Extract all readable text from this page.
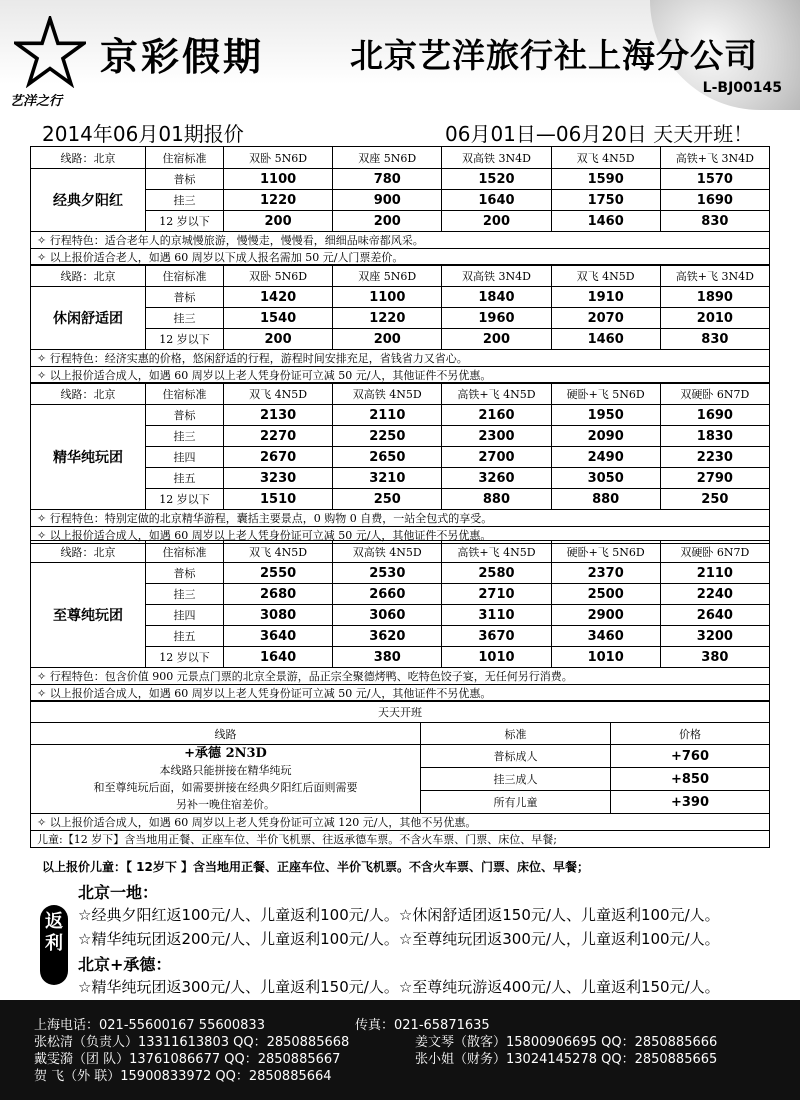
艺洋之行
京彩假期	北京艺洋旅行社上海分公司
L-BJ00145
2014年06月01期报价	06月01日—06月20日 天天开班！
线路：北京	住宿标准	双卧 5N6D	双座 5N6D	双高铁 3N4D	双飞 4N5D	高铁+飞 3N4D
经典夕阳红	普标	1100	780	1520	1590	1570
	挂三	1220	900	1640	1750	1690
	12 岁以下	200	200	200	1460	830
✧ 行程特色：适合老年人的京城慢旅游，慢慢走，慢慢看，细细品味帝都风采。						
✧ 以上报价适合老人，如遇 60 周岁以下成人报名需加 50 元/人门票差价。						
线路：北京	住宿标准	双卧 5N6D	双座 5N6D	双高铁 3N4D	双飞 4N5D	高铁+飞 3N4D
休闲舒适团	普标	1420	1100	1840	1910	1890
	挂三	1540	1220	1960	2070	2010
	12 岁以下	200	200	200	1460	830
✧ 行程特色：经济实惠的价格，悠闲舒适的行程，游程时间安排充足，省钱省力又省心。						
✧ 以上报价适合成人，如遇 60 周岁以上老人凭身份证可立减 50 元/人，其他证件不另优惠。						
线路：北京	住宿标准	双飞 4N5D	双高铁 4N5D	高铁+飞 4N5D	硬卧+飞 5N6D	双硬卧 6N7D
精华纯玩团	普标	2130	2110	2160	1950	1690
	挂三	2270	2250	2300	2090	1830
	挂四	2670	2650	2700	2490	2230
	挂五	3230	3210	3260	3050	2790
	12 岁以下	1510	250	880	880	250
✧ 行程特色：特别定做的北京精华游程，囊括主要景点，0 购物 0 自费，一站全包式的享受。						
✧ 以上报价适合成人，如遇 60 周岁以上老人凭身份证可立减 50 元/人，其他证件不另优惠。						
线路：北京	住宿标准	双飞 4N5D	双高铁 4N5D	高铁+飞 4N5D	硬卧+飞 5N6D	双硬卧 6N7D
至尊纯玩团	普标	2550	2530	2580	2370	2110
	挂三	2680	2660	2710	2500	2240
	挂四	3080	3060	3110	2900	2640
	挂五	3640	3620	3670	3460	3200
	12 岁以下	1640	380	1010	1010	380
✧ 行程特色：包含价值 900 元景点门票的北京全景游，品正宗全聚德烤鸭、吃特色饺子宴，无任何另行消费。						
✧ 以上报价适合成人，如遇 60 周岁以上老人凭身份证可立减 50 元/人，其他证件不另优惠。						
天天开班		
线路	标准	价格

+承德 2N3D
本线路只能拼接在精华纯玩
和至尊纯玩后面，如需要拼接在经典夕阳红后面则需要
另补一晚住宿差价。	普标成人	+760
	挂三成人	+850
	所有儿童	+390
✧ 以上报价适合成人，如遇 60 周岁以上老人凭身份证可立减 120 元/人，其他不另优惠。		
儿童:【12 岁下】含当地用正餐、正座车位、半价飞机票、往返承德车票。不含火车票、门票、床位、早餐;		
以上报价儿童：【 12岁下 】含当地用正餐、正座车位、半价飞机票。不含火车票、门票、床位、早餐；
返利
北京一地：
☆经典夕阳红返100元/人、儿童返利100元/人。☆休闲舒适团返150元/人、儿童返利100元/人。
☆精华纯玩团返200元/人、儿童返利100元/人。☆至尊纯玩团返300元/人，儿童返利100元/人。
北京+承德：
☆精华纯玩团返300元/人、儿童返利150元/人。☆至尊纯玩游返400元/人、儿童返利150元/人。
上海电话：021-55600167 55600833	传真：021-65871635
张松清（负责人）13311613803 QQ：2850885668	姜文琴（散客）15800906695 QQ：2850885666
戴雯漪（团 队）13761086677 QQ：2850885667	张小姐（财务）13024145278 QQ：2850885665
贺 飞（外 联）15900833972 QQ：2850885664
